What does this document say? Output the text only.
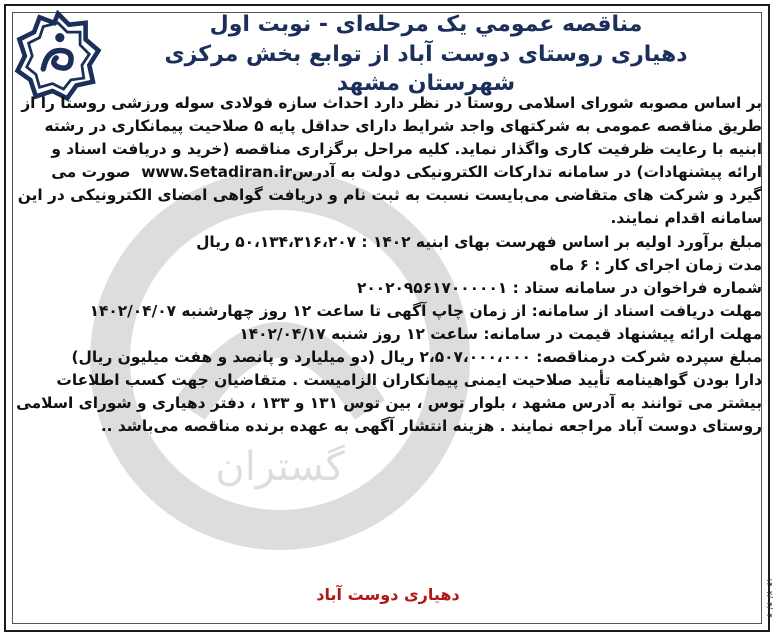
مناقصه عمومي يک مرحله‌ای - نوبت اول
دهياری روستای دوست آباد از توابع بخش مرکزی شهرستان مشهد

بر اساس مصوبه شورای اسلامی روستا در نظر دارد احداث سازه فولادی سوله ورزشی روستا را از طریق مناقصه عمومی به شرکتهای واجد شرایط دارای حداقل پایه ۵ صلاحیت پیمانکاری در رشته ابنیه با رعایت ظرفیت کاری واگذار نماید. کلیه مراحل برگزاری مناقصه (خرید و دریافت اسناد و ارائه پیشنهادات) در سامانه تدارکات الکترونیکی دولت به آدرسwww.Setadiran.ir  صورت می گیرد و شرکت های متقاضی می‌بایست نسبت به ثبت نام و دریافت گواهی امضای الکترونیکی در این سامانه اقدام نمایند.

مبلغ برآورد اولیه بر اساس فهرست بهای ابنیه ۱۴۰۲ : ۵۰،۱۳۴،۳۱۶،۲۰۷ ریال

مدت زمان اجرای کار : ۶ ماه

شماره فراخوان در سامانه ستاد : ۲۰۰۲۰۹۵۶۱۷۰۰۰۰۰۱

مهلت دریافت اسناد از سامانه: از زمان چاپ آگهی تا ساعت ۱۲ روز چهارشنبه ۱۴۰۲/۰۴/۰۷

مهلت ارائه پیشنهاد قیمت در سامانه: ساعت ۱۲ روز شنبه ۱۴۰۲/۰۴/۱۷

مبلغ سپرده شرکت درمناقصه: ۲،۵۰۷،۰۰۰،۰۰۰ ریال (دو میلیارد و پانصد و هفت میلیون ریال)

دارا بودن گواهینامه تأیید صلاحیت ایمنی پیمانکاران الزامیست . متقاضیان جهت کسب اطلاعات بیشتر می توانند به آدرس مشهد ، بلوار توس ، بین توس ۱۳۱ و ۱۳۳ ، دفتر دهیاری و شورای اسلامی روستای دوست آباد مراجعه نمایند . هزینه انتشار آگهی به عهده برنده مناقصه می‌باشد ..

دهیاری دوست آباد	۱۴۰۲/۰۴/۰۴
